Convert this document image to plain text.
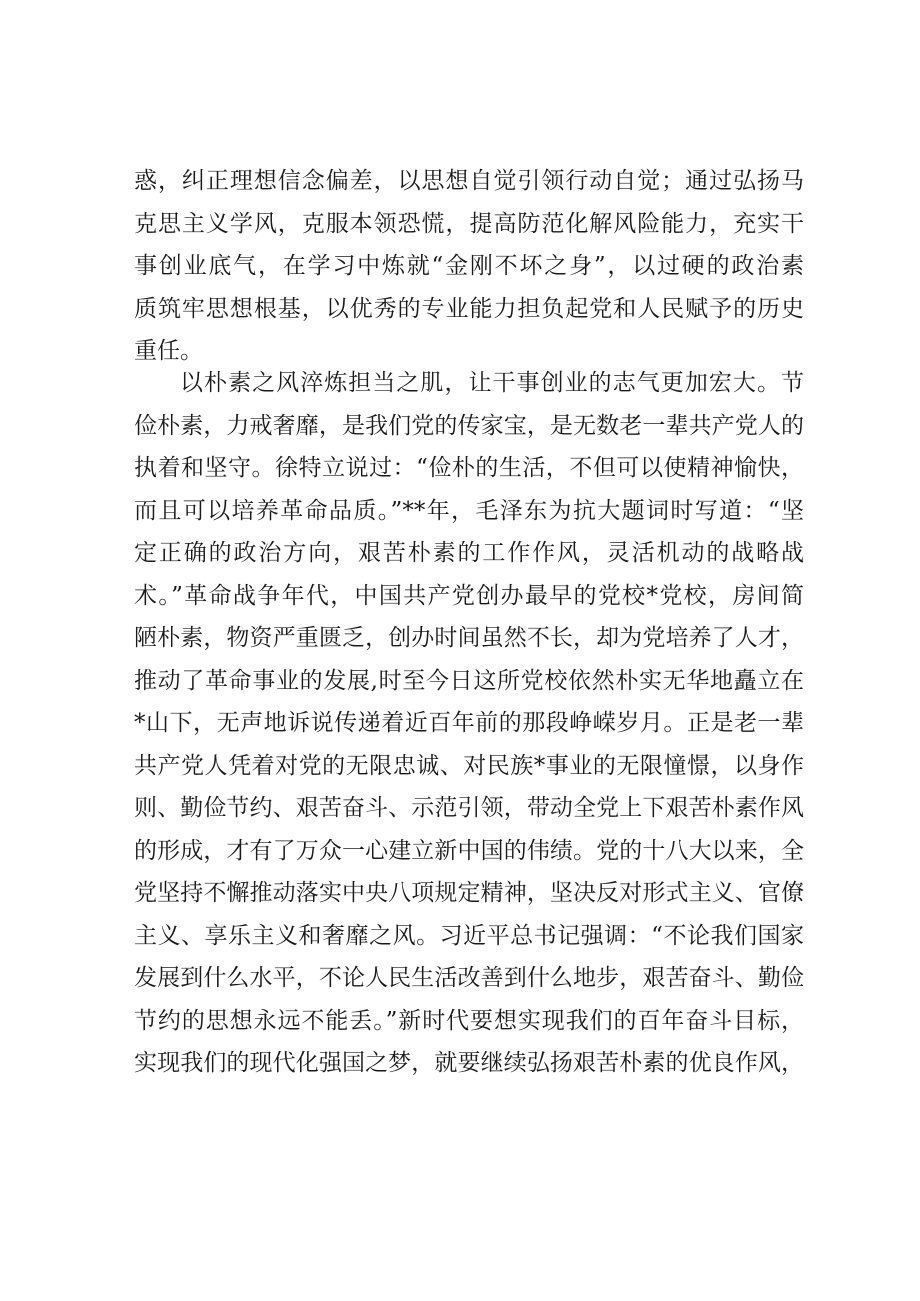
惑，纠正理想信念偏差，以思想自觉引领行动自觉；通过弘扬马
克思主义学风，克服本领恐慌，提高防范化解风险能力，充实干
事创业底气，在学习中炼就“金刚不坏之身”，以过硬的政治素
质筑牢思想根基，以优秀的专业能力担负起党和人民赋予的历史
重任。
以朴素之风淬炼担当之肌，让干事创业的志气更加宏大。节
俭朴素，力戒奢靡，是我们党的传家宝，是无数老一辈共产党人的
执着和坚守。徐特立说过：“俭朴的生活，不但可以使精神愉快，
而且可以培养革命品质。”**年，毛泽东为抗大题词时写道：“坚
定正确的政治方向，艰苦朴素的工作作风，灵活机动的战略战
术。”革命战争年代，中国共产党创办最早的党校*党校，房间简
陋朴素，物资严重匮乏，创办时间虽然不长，却为党培养了人才，
推动了革命事业的发展,时至今日这所党校依然朴实无华地矗立在
*山下，无声地诉说传递着近百年前的那段峥嵘岁月。正是老一辈
共产党人凭着对党的无限忠诚、对民族*事业的无限憧憬，以身作
则、勤俭节约、艰苦奋斗、示范引领，带动全党上下艰苦朴素作风
的形成，才有了万众一心建立新中国的伟绩。党的十八大以来，全
党坚持不懈推动落实中央八项规定精神，坚决反对形式主义、官僚
主义、享乐主义和奢靡之风。习近平总书记强调：“不论我们国家
发展到什么水平，不论人民生活改善到什么地步，艰苦奋斗、勤俭
节约的思想永远不能丢。”新时代要想实现我们的百年奋斗目标，
实现我们的现代化强国之梦，就要继续弘扬艰苦朴素的优良作风，
